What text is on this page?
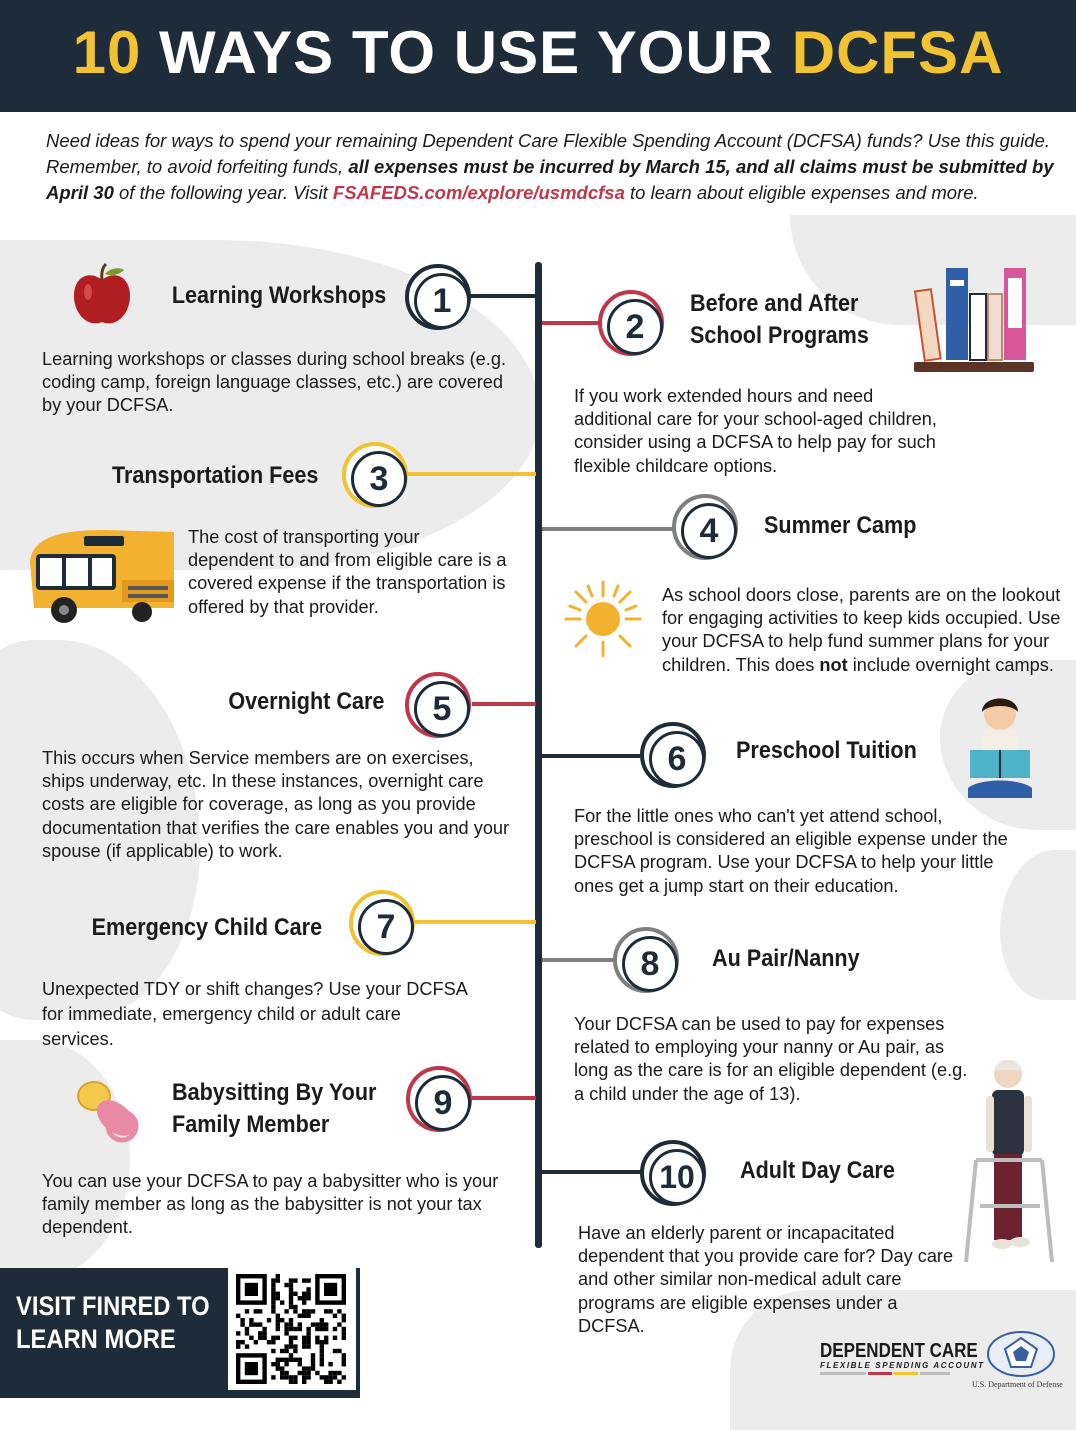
10 WAYS TO USE YOUR DCFSA
Need ideas for ways to spend your remaining Dependent Care Flexible Spending Account (DCFSA) funds? Use this guide. Remember, to avoid forfeiting funds, all expenses must be incurred by March 15, and all claims must be submitted by April 30 of the following year. Visit FSAFEDS.com/explore/usmdcfsa to learn about eligible expenses and more.
1
2
3
4
5
6
7
8
9
10
Learning Workshops
Learning workshops or classes during school breaks (e.g. coding camp, foreign language classes, etc.) are covered by your DCFSA.
Before and After School Programs
If you work extended hours and need additional care for your school-aged children, consider using a DCFSA to help pay for such flexible childcare options.
Transportation Fees
The cost of transporting your dependent to and from eligible care is a covered expense if the transportation is offered by that provider.
Summer Camp
As school doors close, parents are on the lookout for engaging activities to keep kids occupied. Use your DCFSA to help fund summer plans for your children. This does not include overnight camps.
Overnight Care
This occurs when Service members are on exercises, ships underway, etc. In these instances, overnight care costs are eligible for coverage, as long as you provide documentation that verifies the care enables you and your spouse (if applicable) to work.
Preschool Tuition
For the little ones who can't yet attend school, preschool is considered an eligible expense under the DCFSA program. Use your DCFSA to help your little ones get a jump start on their education.
Emergency Child Care
Unexpected TDY or shift changes? Use your DCFSA for immediate, emergency child or adult care services.
Au Pair/Nanny
Your DCFSA can be used to pay for expenses related to employing your nanny or Au pair, as long as the care is for an eligible dependent (e.g. a child under the age of 13).
Babysitting By Your Family Member
You can use your DCFSA to pay a babysitter who is your family member as long as the babysitter is not your tax dependent.
Adult Day Care
Have an elderly parent or incapacitated dependent that you provide care for? Day care and other similar non-medical adult care programs are eligible expenses under a DCFSA.
VISIT FINRED TO LEARN MORE	DEPENDENT CARE
FLEXIBLE SPENDING ACCOUNT
U.S. Department of Defense
